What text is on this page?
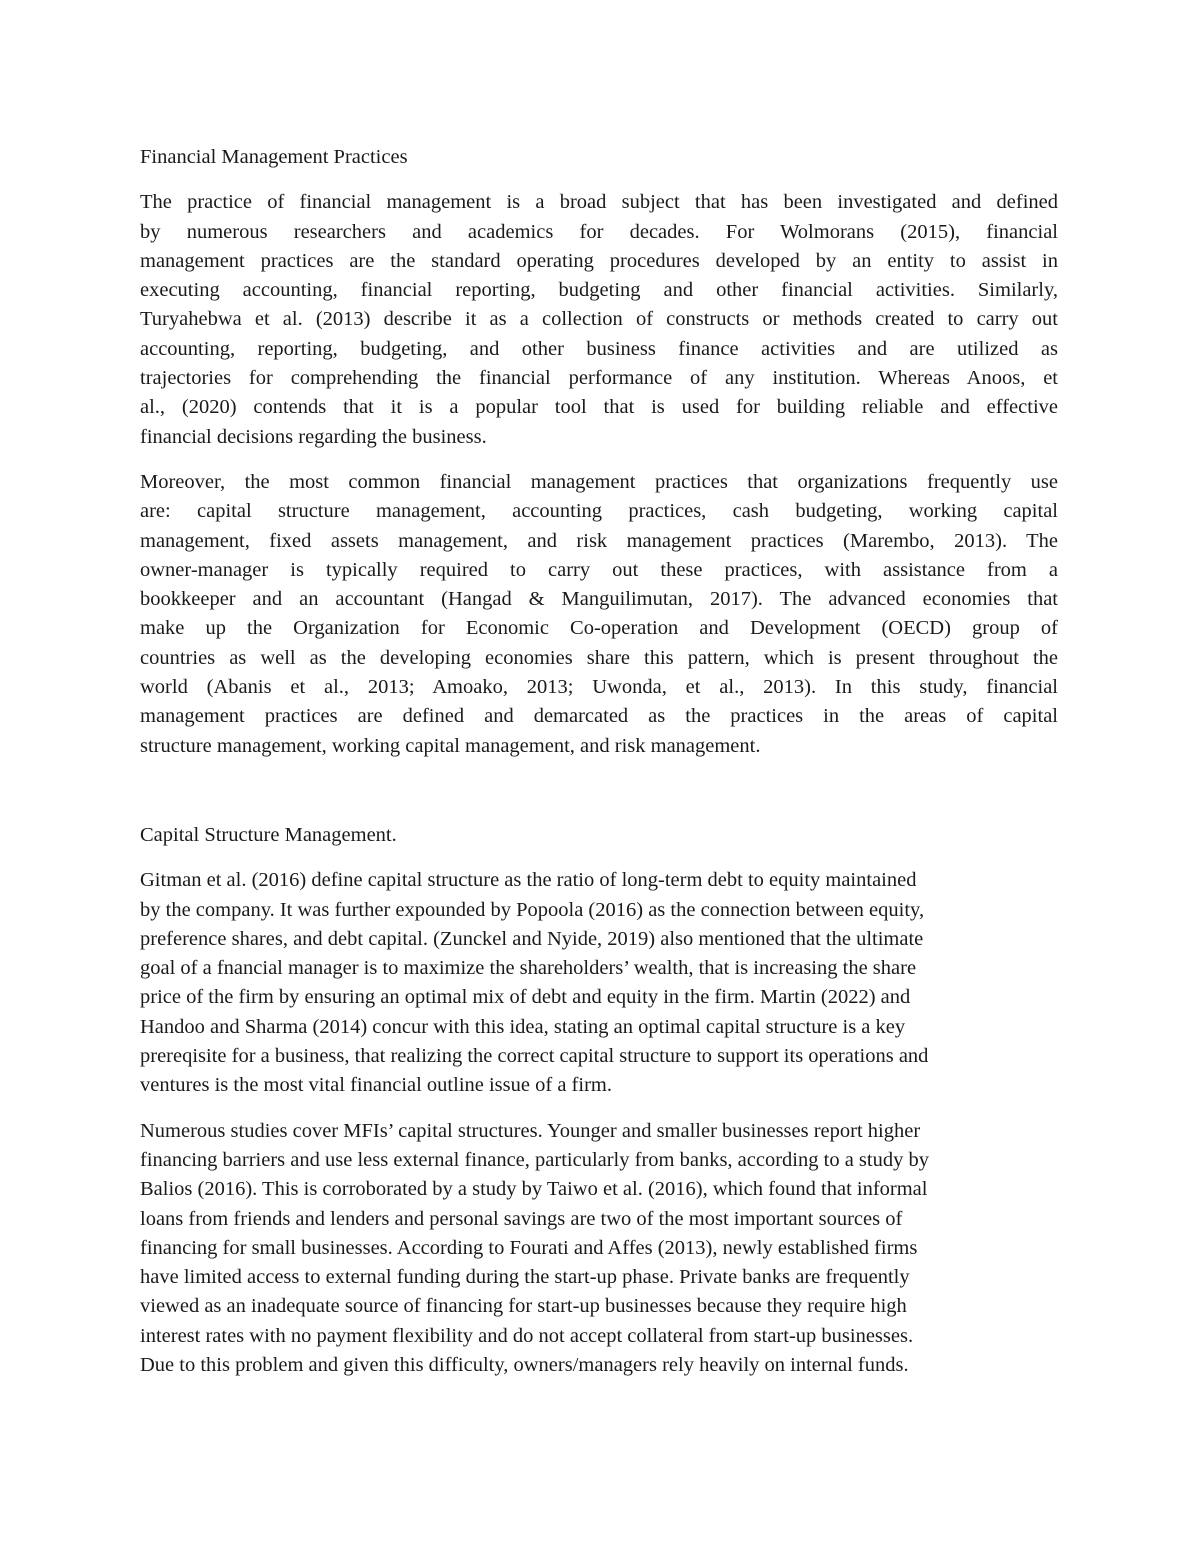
Financial Management Practices
The practice of financial management is a broad subject that has been investigated and defined
by numerous researchers and academics for decades. For Wolmorans (2015), financial
management practices are the standard operating procedures developed by an entity to assist in
executing accounting, financial reporting, budgeting and other financial activities. Similarly,
Turyahebwa et al. (2013) describe it as a collection of constructs or methods created to carry out
accounting, reporting, budgeting, and other business finance activities and are utilized as
trajectories for comprehending the financial performance of any institution. Whereas Anoos, et
al., (2020) contends that it is a popular tool that is used for building reliable and effective
financial decisions regarding the business.
Moreover, the most common financial management practices that organizations frequently use
are: capital structure management, accounting practices, cash budgeting, working capital
management, fixed assets management, and risk management practices (Marembo, 2013). The
owner-manager is typically required to carry out these practices, with assistance from a
bookkeeper and an accountant (Hangad & Manguilimutan, 2017). The advanced economies that
make up the Organization for Economic Co-operation and Development (OECD) group of
countries as well as the developing economies share this pattern, which is present throughout the
world (Abanis et al., 2013; Amoako, 2013; Uwonda, et al., 2013). In this study, financial
management practices are defined and demarcated as the practices in the areas of capital
structure management, working capital management, and risk management.
Capital Structure Management.
Gitman et al. (2016) define capital structure as the ratio of long-term debt to equity maintained
by the company. It was further expounded by Popoola (2016) as the connection between equity,
preference shares, and debt capital. (Zunckel and Nyide, 2019) also mentioned that the ultimate
goal of a fnancial manager is to maximize the shareholders’ wealth, that is increasing the share
price of the firm by ensuring an optimal mix of debt and equity in the firm. Martin (2022) and
Handoo and Sharma (2014) concur with this idea, stating an optimal capital structure is a key
prereqisite for a business, that realizing the correct capital structure to support its operations and
ventures is the most vital financial outline issue of a firm.
Numerous studies cover MFIs’ capital structures. Younger and smaller businesses report higher
financing barriers and use less external finance, particularly from banks, according to a study by
Balios (2016). This is corroborated by a study by Taiwo et al. (2016), which found that informal
loans from friends and lenders and personal savings are two of the most important sources of
financing for small businesses. According to Fourati and Affes (2013), newly established firms
have limited access to external funding during the start-up phase. Private banks are frequently
viewed as an inadequate source of financing for start-up businesses because they require high
interest rates with no payment flexibility and do not accept collateral from start-up businesses.
Due to this problem and given this difficulty, owners/managers rely heavily on internal funds.
